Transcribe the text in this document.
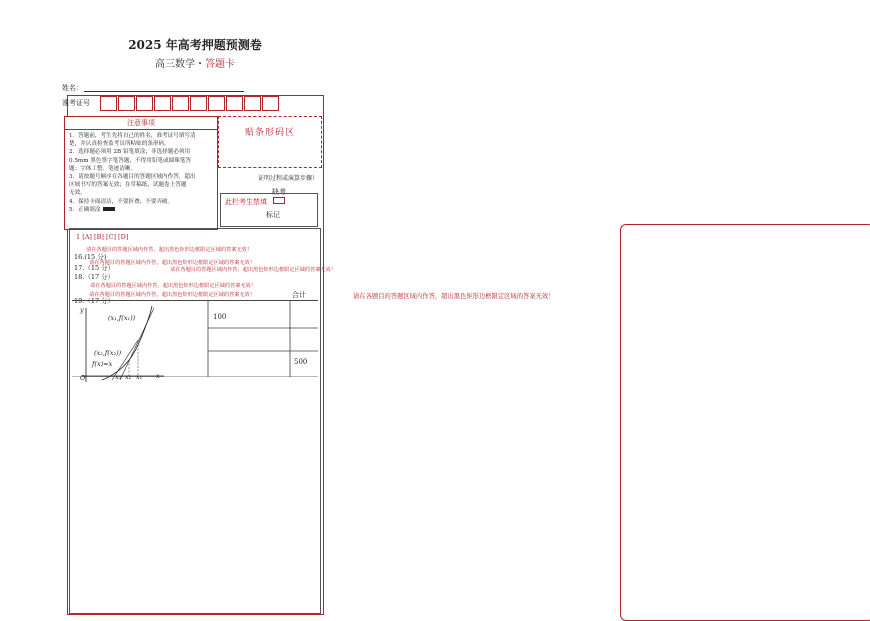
2025 年高考押题预测卷
高三数学・答题卡
姓名：
准考证号
注意事项
1．答题前，考生先将自己的姓名，准考证号填写清
楚，并认真检查监考员所粘贴的条形码。
2．选择题必须用 2B 铅笔填涂；非选择题必须用
0.5mm 黑色签字笔答题，不得用铅笔或圆珠笔答
题；字体工整、笔迹清晰。
3．请按题号顺序在各题目的答题区域内作答，超出
区域书写的答案无效；在草稿纸、试题卷上答题
无效。
4．保持卡面清洁，不要折叠、不要弄破。
5．正确填涂
贴条形码区
证明过程或演算步骤）
缺考
此栏考生禁填
标记
1 [A] [B] [C] [D]
请在各题目的答题区域内作答，超出黑色矩形边框限定区域的答案无效！
16.(15 分)
请在各题目的答题区域内作答，超出黑色矩形边框限定区域的答案无效！
17.（15 分）	请在各题目的答题区域内作答，超出黑色矩形边框限定区域的答案无效！
18.（17 分）
请在各题目的答题区域内作答，超出黑色矩形边框限定区域的答案无效！
请在各题目的答题区域内作答，超出黑色矩形边框限定区域的答案无效！
19.（17 分）
合计
100
500
y
(x₁,f(x₁))
(x₂,f(x₂))
f(x)=x
O	x₃ x₂ x₁ x
请在各题目的答题区域内作答，超出黑色矩形边框限定区域的答案无效！
